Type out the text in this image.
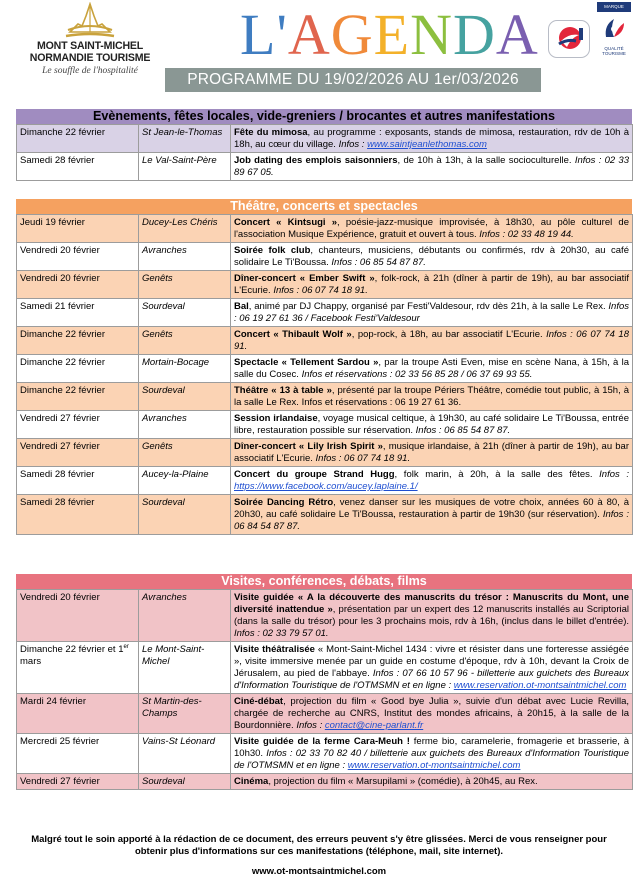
MONT SAINT-MICHEL
NORMANDIE TOURISME
Le souffle de l'hospitalité
L ' A G E N D A
PROGRAMME DU 19/02/2026 AU 1er/03/2026
MARQUE ENREGISTRÉE
QUALITÉ TOURISME
Evènements, fêtes locales, vide-greniers / brocantes et autres manifestations
Dimanche 22 février	St Jean-le-Thomas	Fête du mimosa, au programme : exposants, stands de mimosa, restauration, rdv de 10h à 18h, au cœur du village. Infos : www.saintjeanlethomas.com
Samedi 28 février	Le Val-Saint-Père	Job dating des emplois saisonniers, de 10h à 13h, à la salle socioculturelle. Infos : 02 33 89 67 05.
Théâtre, concerts et spectacles
Jeudi 19 février	Ducey-Les Chéris	Concert « Kintsugi », poésie-jazz-musique improvisée, à 18h30, au pôle culturel de l'association Musique Expérience, gratuit et ouvert à tous. Infos : 02 33 48 19 44.
Vendredi 20 février	Avranches	Soirée folk club, chanteurs, musiciens, débutants ou confirmés, rdv à 20h30, au café solidaire Le Ti'Boussa. Infos : 06 85 54 87 87.
Vendredi 20 février	Genêts	Dîner-concert « Ember Swift », folk-rock, à 21h (dîner à partir de 19h), au bar associatif L'Ecurie. Infos : 06 07 74 18 91.
Samedi 21 février	Sourdeval	Bal, animé par DJ Chappy, organisé par Festi'Valdesour, rdv dès 21h, à la salle Le Rex. Infos : 06 19 27 61 36 / Facebook Festi'Valdesour
Dimanche 22 février	Genêts	Concert « Thibault Wolf », pop-rock, à 18h, au bar associatif L'Ecurie. Infos : 06 07 74 18 91.
Dimanche 22 février	Mortain-Bocage	Spectacle « Tellement Sardou », par la troupe Asti Even, mise en scène Nana, à 15h, à la salle du Cosec. Infos et réservations : 02 33 56 85 28 / 06 37 69 93 55.
Dimanche 22 février	Sourdeval	Théâtre « 13 à table », présenté par la troupe Périers Théâtre, comédie tout public, à 15h, à la salle Le Rex. Infos et réservations : 06 19 27 61 36.
Vendredi 27 février	Avranches	Session irlandaise, voyage musical celtique, à 19h30, au café solidaire Le Ti'Boussa, entrée libre, restauration possible sur réservation. Infos : 06 85 54 87 87.
Vendredi 27 février	Genêts	Dîner-concert « Lily Irish Spirit », musique irlandaise, à 21h (dîner à partir de 19h), au bar associatif L'Ecurie. Infos : 06 07 74 18 91.
Samedi 28 février	Aucey-la-Plaine	Concert du groupe Strand Hugg, folk marin, à 20h, à la salle des fêtes. Infos : https://www.facebook.com/aucey.laplaine.1/
Samedi 28 février	Sourdeval	Soirée Dancing Rétro, venez danser sur les musiques de votre choix, années 60 à 80, à 20h30, au café solidaire Le Ti'Boussa, restauration à partir de 19h30 (sur réservation). Infos : 06 84 54 87 87.
Visites, conférences, débats, films
Vendredi 20 février	Avranches	Visite guidée « A la découverte des manuscrits du trésor : Manuscrits du Mont, une diversité inattendue », présentation par un expert des 12 manuscrits installés au Scriptorial (dans la salle du trésor) pour les 3 prochains mois, rdv à 16h, (inclus dans le billet d'entrée). Infos : 02 33 79 57 01.
Dimanche 22 février et 1er mars	Le Mont-Saint-Michel	Visite théâtralisée « Mont-Saint-Michel 1434 : vivre et résister dans une forteresse assiégée », visite immersive menée par un guide en costume d'époque, rdv à 10h, devant la Croix de Jérusalem, au pied de l'abbaye. Infos : 07 66 10 57 96 - billetterie aux guichets des Bureaux d'Information Touristique de l'OTMSMN et en ligne : www.reservation.ot-montsaintmichel.com
Mardi 24 février	St Martin-des-Champs	Ciné-débat, projection du film « Good bye Julia », suivie d'un débat avec Lucie Revilla, chargée de recherche au CNRS, Institut des mondes africains, à 20h15, à la salle de la Bourdonnière. Infos : contact@cine-parlant.fr
Mercredi 25 février	Vains-St Léonard	Visite guidée de la ferme Cara-Meuh ! ferme bio, caramelerie, fromagerie et brasserie, à 10h30. Infos : 02 33 70 82 40 / billetterie aux guichets des Bureaux d'Information Touristique de l'OTMSMN et en ligne : www.reservation.ot-montsaintmichel.com
Vendredi 27 février	Sourdeval	Cinéma, projection du film « Marsupilami » (comédie), à 20h45, au Rex.
Malgré tout le soin apporté à la rédaction de ce document, des erreurs peuvent s'y être glissées. Merci de vous renseigner pour obtenir plus d'informations sur ces manifestations (téléphone, mail, site internet).
www.ot-montsaintmichel.com
